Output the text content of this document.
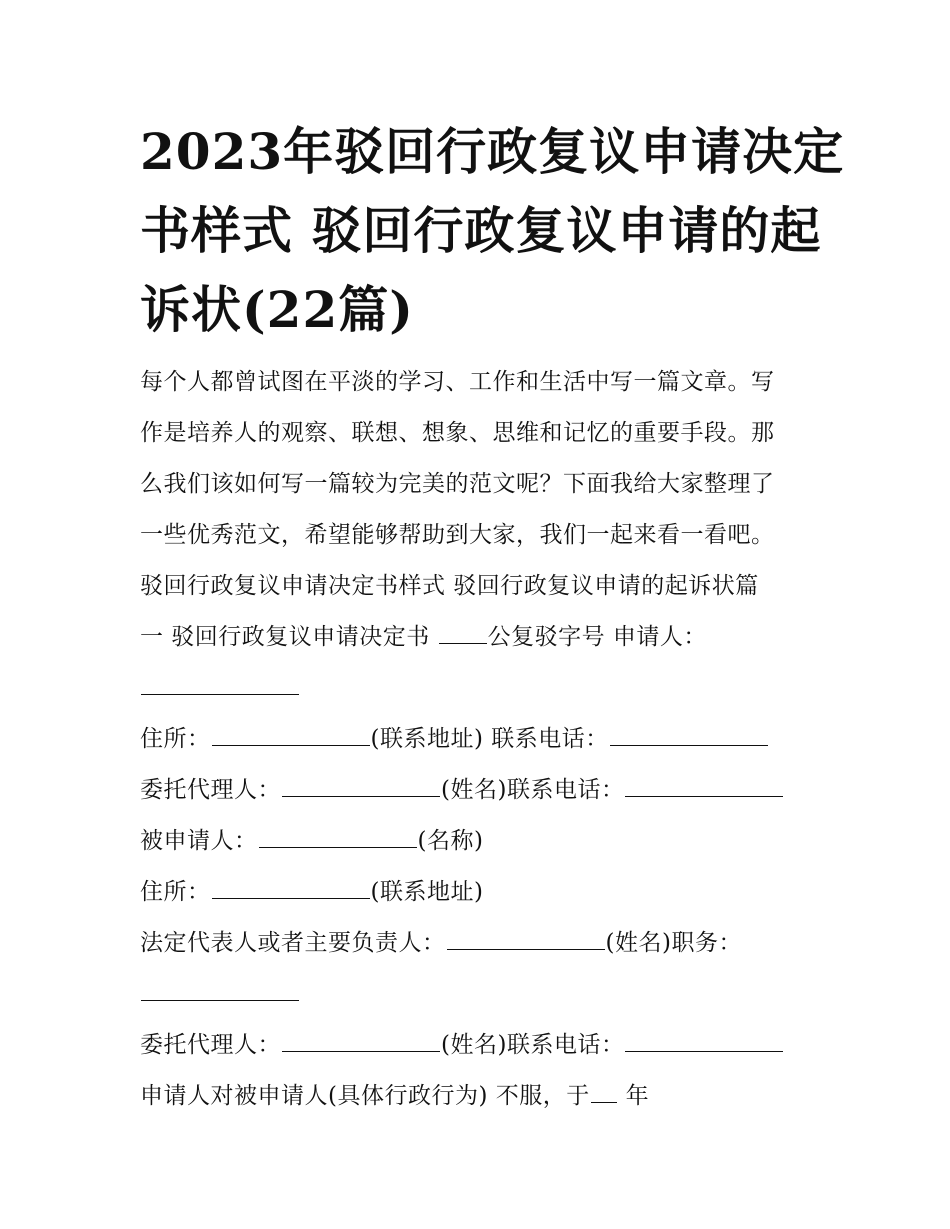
2023年驳回行政复议申请决定
书样式 驳回行政复议申请的起
诉状(22篇)
每个人都曾试图在平淡的学习、工作和生活中写一篇文章。写
作是培养人的观察、联想、想象、思维和记忆的重要手段。那
么我们该如何写一篇较为完美的范文呢？下面我给大家整理了
一些优秀范文，希望能够帮助到大家，我们一起来看一看吧。
驳回行政复议申请决定书样式 驳回行政复议申请的起诉状篇
一 驳回行政复议申请决定书 公复驳字号 申请人：
住所：	(联系地址) 联系电话：
委托代理人：	(姓名)联系电话：
被申请人：	(名称)
住所：	(联系地址)
法定代表人或者主要负责人：	(姓名)职务：
委托代理人：	(姓名)联系电话：
申请人对被申请人(具体行政行为) 不服，于 年
